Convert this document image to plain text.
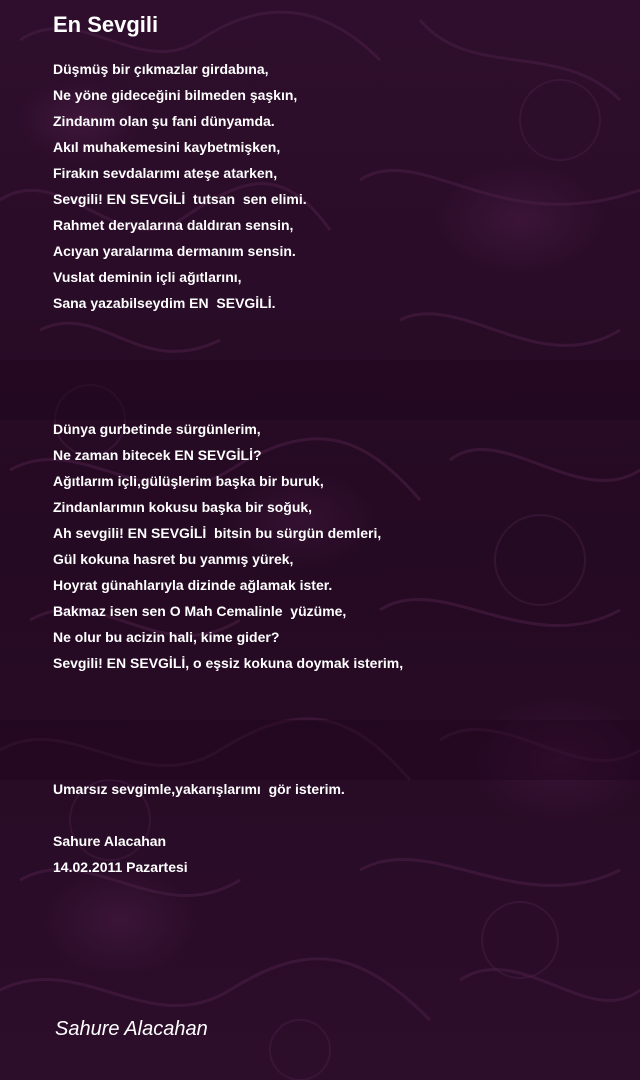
En Sevgili

Düşmüş bir çıkmazlar girdabına,

Ne yöne gideceğini bilmeden şaşkın,

Zindanım olan şu fani dünyamda.

Akıl muhakemesini kaybetmişken,

Firakın sevdalarımı ateşe atarken,

Sevgili! EN SEVGİLİ  tutsan  sen elimi.

Rahmet deryalarına daldıran sensin,

Acıyan yaralarıma dermanım sensin.

Vuslat deminin içli ağıtlarını,

Sana yazabilseydim EN  SEVGİLİ.

Dünya gurbetinde sürgünlerim,

Ne zaman bitecek EN SEVGİLİ?

Ağıtlarım içli,gülüşlerim başka bir buruk,

Zindanlarımın kokusu başka bir soğuk,

Ah sevgili! EN SEVGİLİ  bitsin bu sürgün demleri,

Gül kokuna hasret bu yanmış yürek,

Hoyrat günahlarıyla dizinde ağlamak ister.

Bakmaz isen sen O Mah Cemalinle  yüzüme,

Ne olur bu acizin hali, kime gider?

Sevgili! EN SEVGİLİ, o eşsiz kokuna doymak isterim,

Umarsız sevgimle,yakarışlarımı  gör isterim.

Sahure Alacahan

14.02.2011 Pazartesi

Sahure Alacahan
